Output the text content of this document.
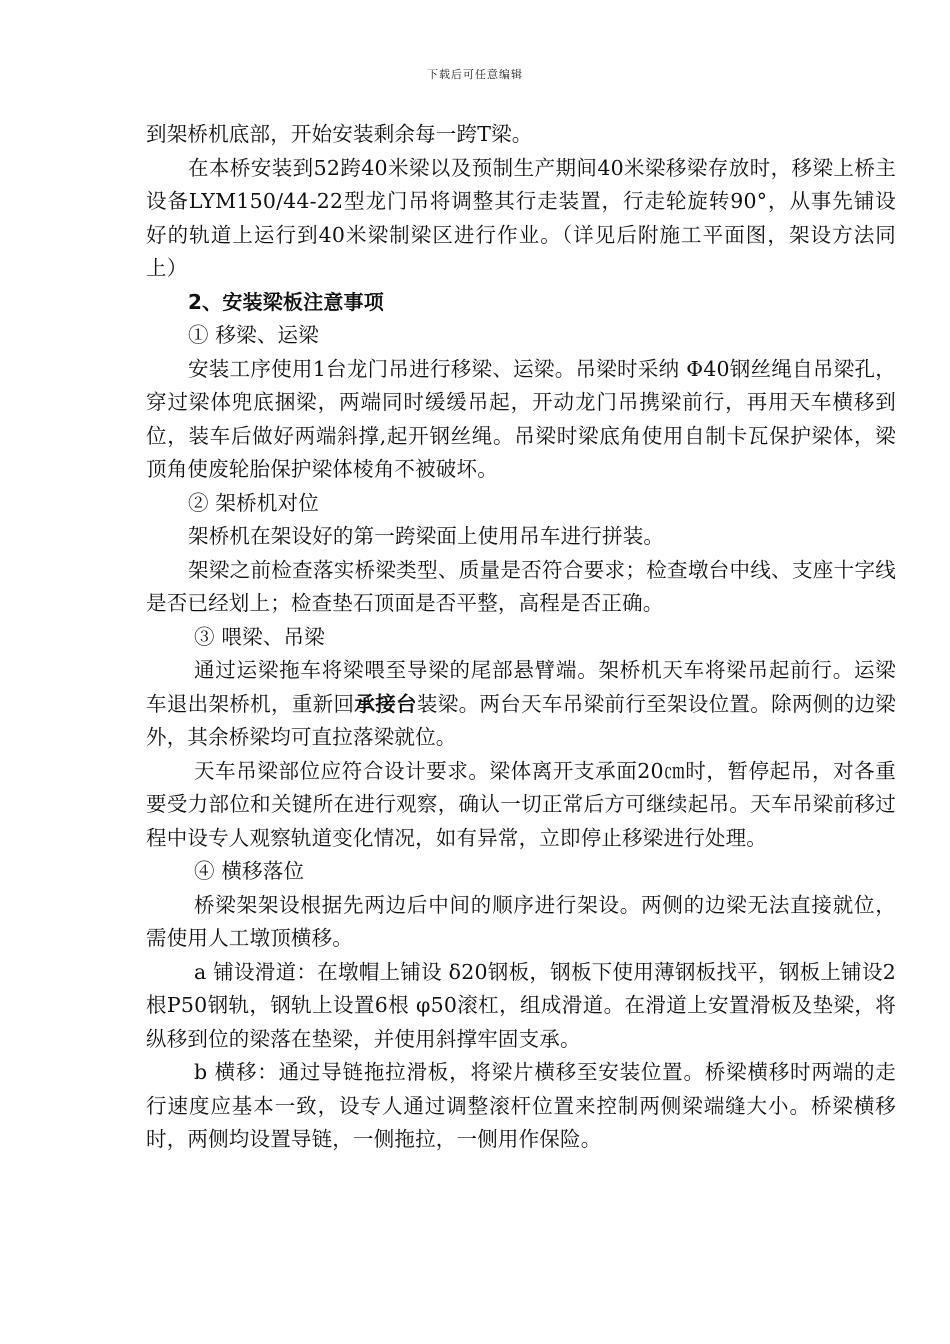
下载后可任意编辑

到架桥机底部，开始安装剩余每一跨T梁。

在本桥安装到52跨40米梁以及预制生产期间40米梁移梁存放时，移梁上桥主设备LYM150/44-22型龙门吊将调整其行走装置，行走轮旋转90°，从事先铺设好的轨道上运行到40米梁制梁区进行作业。（详见后附施工平面图，架设方法同上）

2、安装梁板注意事项

① 移梁、运梁

安装工序使用1台龙门吊进行移梁、运梁。吊梁时采纳 Φ40钢丝绳自吊梁孔，穿过梁体兜底捆梁，两端同时缓缓吊起，开动龙门吊携梁前行，再用天车横移到位，装车后做好两端斜撑,起开钢丝绳。吊梁时梁底角使用自制卡瓦保护梁体，梁顶角使废轮胎保护梁体棱角不被破坏。

② 架桥机对位

架桥机在架设好的第一跨梁面上使用吊车进行拼装。

架梁之前检查落实桥梁类型、质量是否符合要求；检查墩台中线、支座十字线是否已经划上；检查垫石顶面是否平整，高程是否正确。

③ 喂梁、吊梁

通过运梁拖车将梁喂至导梁的尾部悬臂端。架桥机天车将梁吊起前行。运梁车退出架桥机，重新回承接台装梁。两台天车吊梁前行至架设位置。除两侧的边梁外，其余桥梁均可直拉落梁就位。

天车吊梁部位应符合设计要求。梁体离开支承面20㎝时，暂停起吊，对各重要受力部位和关键所在进行观察，确认一切正常后方可继续起吊。天车吊梁前移过程中设专人观察轨道变化情况，如有异常，立即停止移梁进行处理。

④ 横移落位

桥梁架架设根据先两边后中间的顺序进行架设。两侧的边梁无法直接就位，需使用人工墩顶横移。

a 铺设滑道：在墩帽上铺设 δ20钢板，钢板下使用薄钢板找平，钢板上铺设2根P50钢轨，钢轨上设置6根 φ50滚杠，组成滑道。在滑道上安置滑板及垫梁，将纵移到位的梁落在垫梁，并使用斜撑牢固支承。

b 横移：通过导链拖拉滑板，将梁片横移至安装位置。桥梁横移时两端的走行速度应基本一致，设专人通过调整滚杆位置来控制两侧梁端缝大小。桥梁横移时，两侧均设置导链，一侧拖拉，一侧用作保险。
